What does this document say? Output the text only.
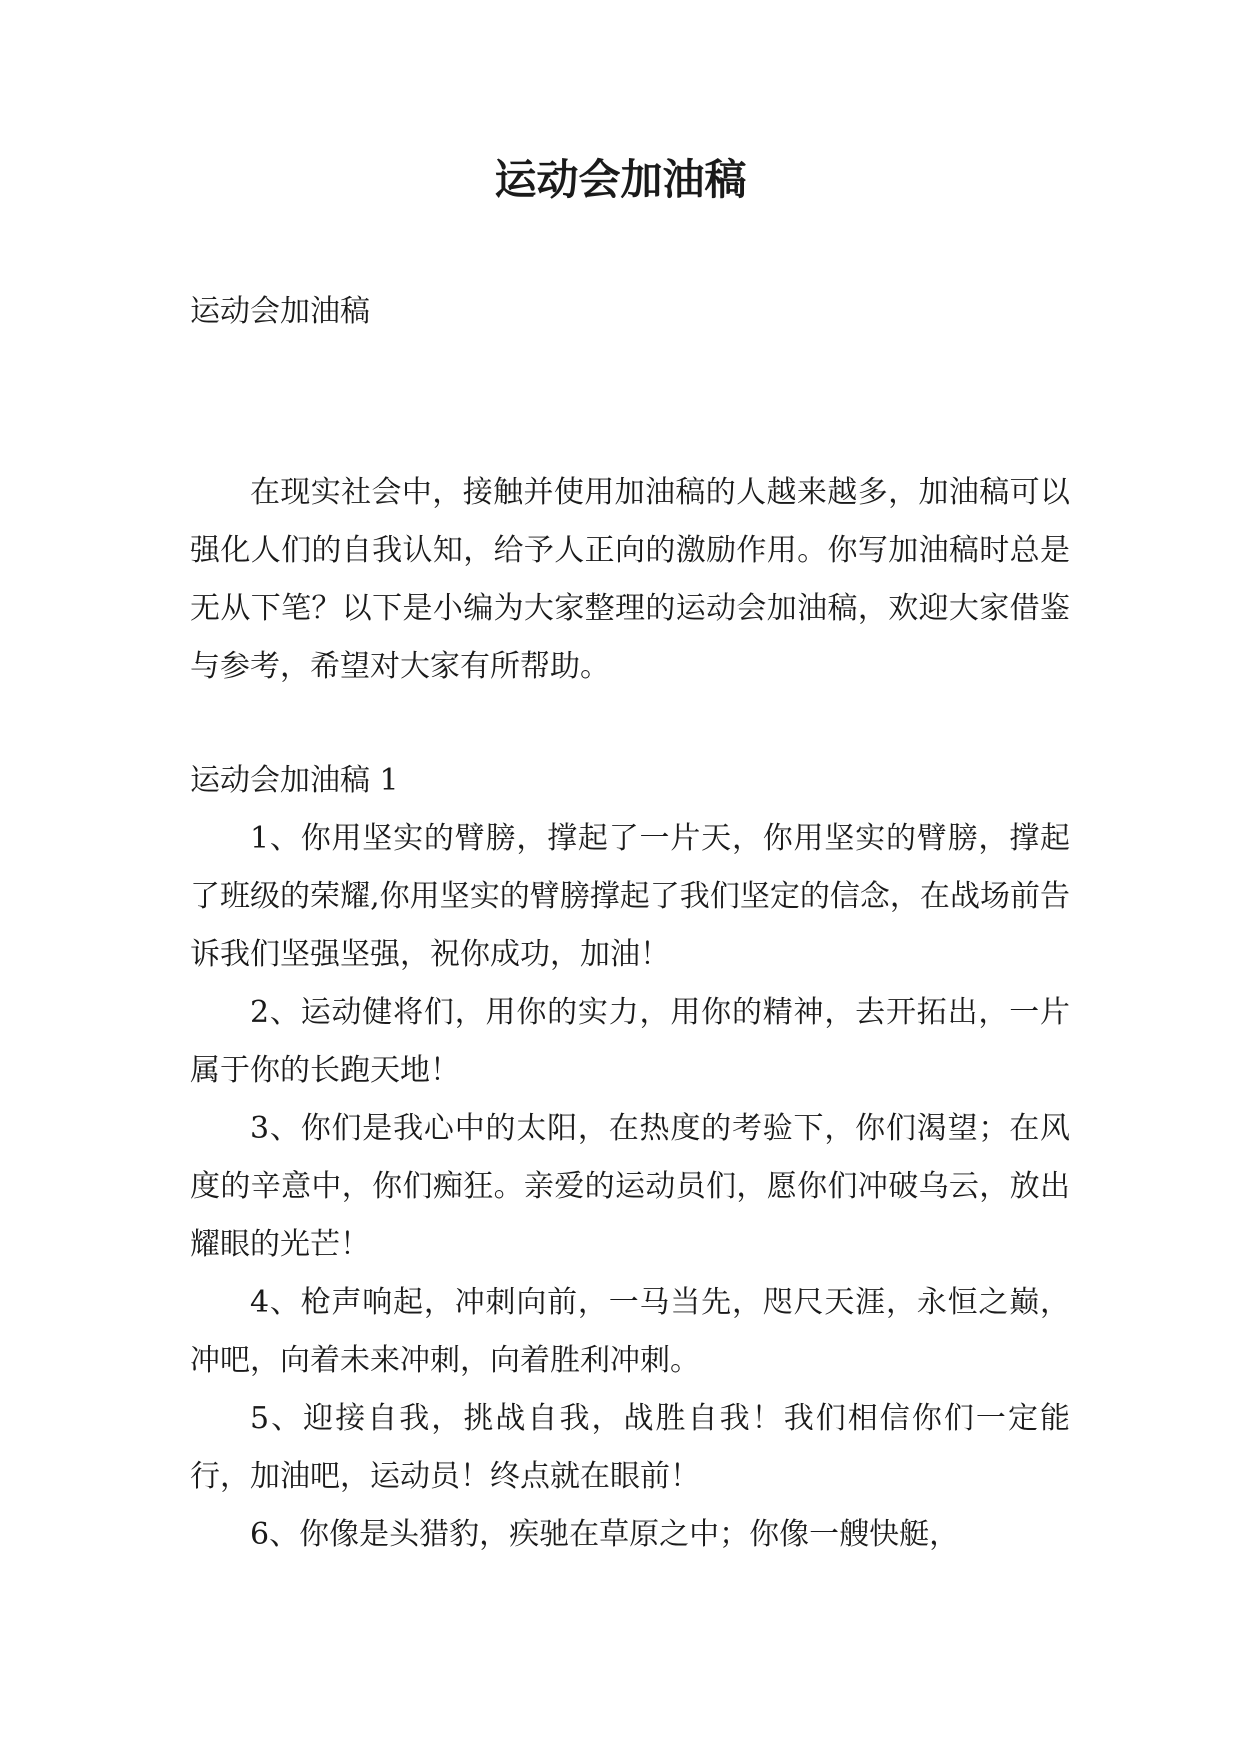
运动会加油稿

运动会加油稿

在现实社会中，接触并使用加油稿的人越来越多，加油稿可以强化人们的自我认知，给予人正向的激励作用。你写加油稿时总是无从下笔？以下是小编为大家整理的运动会加油稿，欢迎大家借鉴与参考，希望对大家有所帮助。

运动会加油稿 1

1、你用坚实的臂膀，撑起了一片天，你用坚实的臂膀，撑起了班级的荣耀,你用坚实的臂膀撑起了我们坚定的信念，在战场前告诉我们坚强坚强，祝你成功，加油！
2、运动健将们，用你的实力，用你的精神，去开拓出，一片属于你的长跑天地！
3、你们是我心中的太阳，在热度的考验下，你们渴望；在风度的辛意中，你们痴狂。亲爱的运动员们，愿你们冲破乌云，放出耀眼的光芒！
4、枪声响起，冲刺向前，一马当先，咫尺天涯，永恒之巅，冲吧，向着未来冲刺，向着胜利冲刺。
5、迎接自我，挑战自我，战胜自我！我们相信你们一定能行，加油吧，运动员！终点就在眼前！
6、你像是头猎豹，疾驰在草原之中；你像一艘快艇，
